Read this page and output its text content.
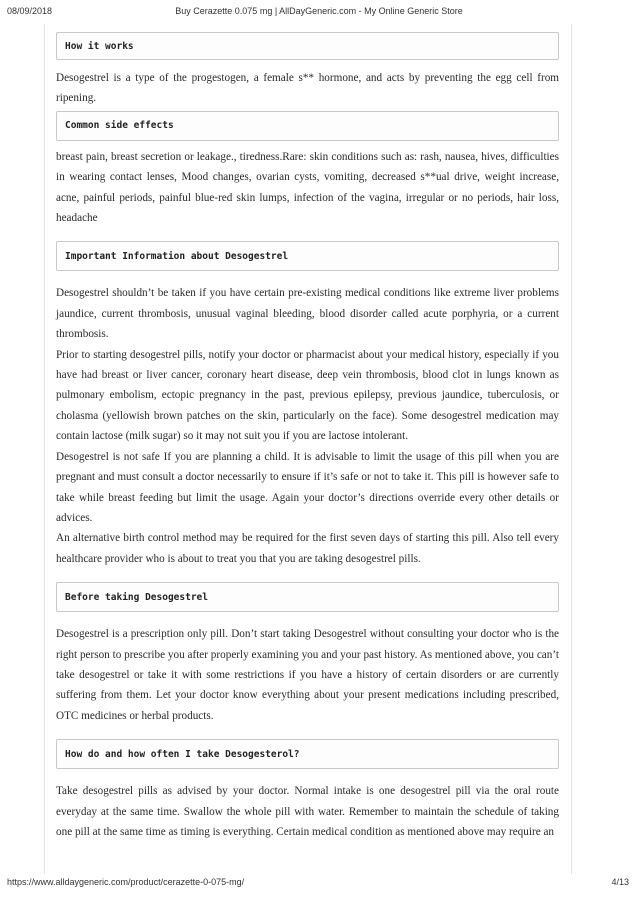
08/09/2018	Buy Cerazette 0.075 mg | AllDayGeneric.com - My Online Generic Store
How it works

Desogestrel is a type of the progestogen, a female s** hormone, and acts by preventing the egg cell from ripening.

Common side effects

breast pain, breast secretion or leakage., tiredness.Rare: skin conditions such as: rash, nausea, hives, difficulties in wearing contact lenses, Mood changes, ovarian cysts, vomiting, decreased s**ual drive, weight increase, acne, painful periods, painful blue-red skin lumps, infection of the vagina, irregular or no periods, hair loss, headache

Important Information about Desogestrel

Desogestrel shouldn’t be taken if you have certain pre-existing medical conditions like extreme liver problems jaundice, current thrombosis, unusual vaginal bleeding, blood disorder called acute porphyria, or a current thrombosis.

Prior to starting desogestrel pills, notify your doctor or pharmacist about your medical history, especially if you have had breast or liver cancer, coronary heart disease, deep vein thrombosis, blood clot in lungs known as pulmonary embolism, ectopic pregnancy in the past, previous epilepsy, previous jaundice, tuberculosis, or cholasma (yellowish brown patches on the skin, particularly on the face). Some desogestrel medication may contain lactose (milk sugar) so it may not suit you if you are lactose intolerant.

Desogestrel is not safe If you are planning a child. It is advisable to limit the usage of this pill when you are pregnant and must consult a doctor necessarily to ensure if it’s safe or not to take it. This pill is however safe to take while breast feeding but limit the usage. Again your doctor’s directions override every other details or advices.

An alternative birth control method may be required for the first seven days of starting this pill. Also tell every healthcare provider who is about to treat you that you are taking desogestrel pills.

Before taking Desogestrel

Desogestrel is a prescription only pill. Don’t start taking Desogestrel without consulting your doctor who is the right person to prescribe you after properly examining you and your past history. As mentioned above, you can’t take desogestrel or take it with some restrictions if you have a history of certain disorders or are currently suffering from them. Let your doctor know everything about your present medications including prescribed, OTC medicines or herbal products.

How do and how often I take Desogesterol?

Take desogestrel pills as advised by your doctor. Normal intake is one desogestrel pill via the oral route everyday at the same time. Swallow the whole pill with water. Remember to maintain the schedule of taking one pill at the same time as timing is everything. Certain medical condition as mentioned above may require an

https://www.alldaygeneric.com/product/cerazette-0-075-mg/	4/13
